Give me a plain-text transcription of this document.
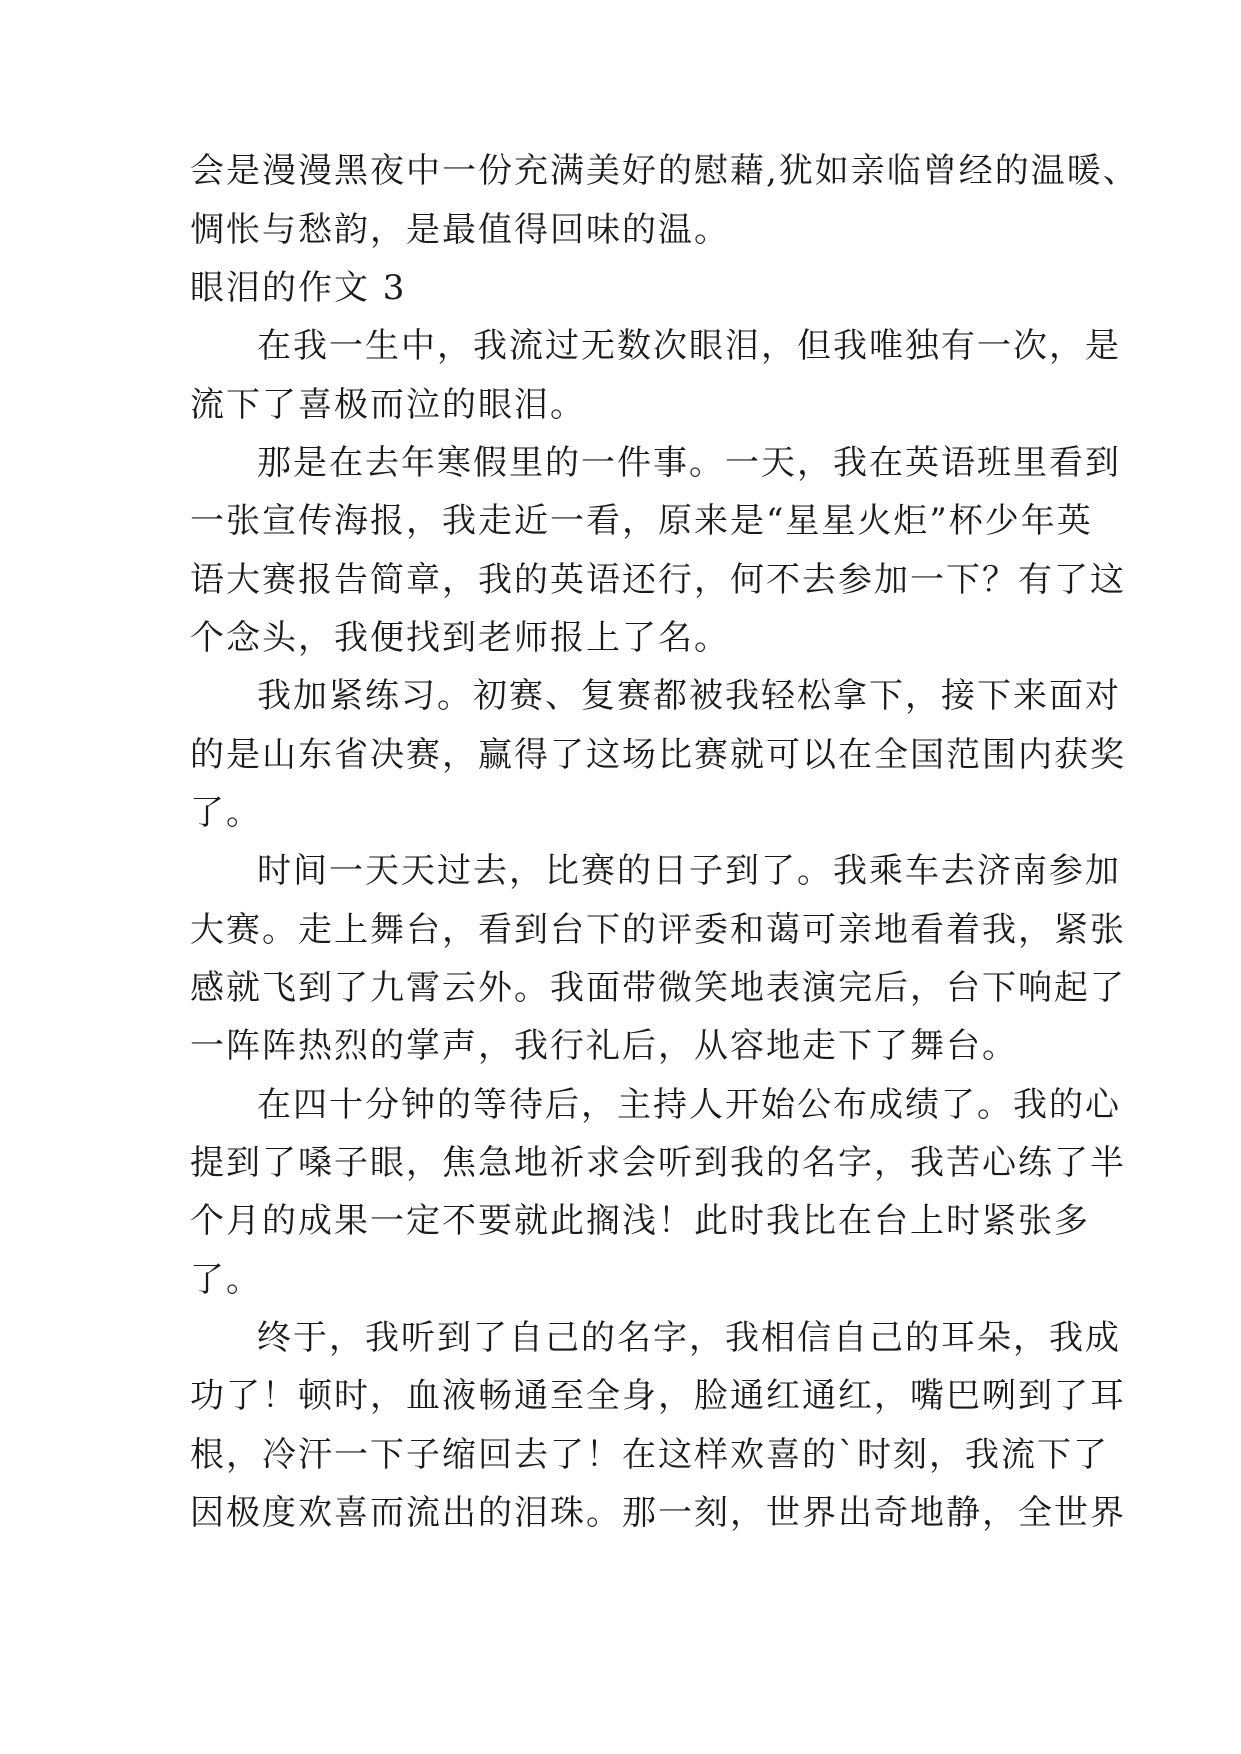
会是漫漫黑夜中一份充满美好的慰藉,犹如亲临曾经的温暖、
惆怅与愁韵，是最值得回味的温。
眼泪的作文 3
在我一生中，我流过无数次眼泪，但我唯独有一次，是
流下了喜极而泣的眼泪。
那是在去年寒假里的一件事。一天，我在英语班里看到
一张宣传海报，我走近一看，原来是“星星火炬”杯少年英
语大赛报告简章，我的英语还行，何不去参加一下？有了这
个念头，我便找到老师报上了名。
我加紧练习。初赛、复赛都被我轻松拿下，接下来面对
的是山东省决赛，赢得了这场比赛就可以在全国范围内获奖
了。
时间一天天过去，比赛的日子到了。我乘车去济南参加
大赛。走上舞台，看到台下的评委和蔼可亲地看着我，紧张
感就飞到了九霄云外。我面带微笑地表演完后，台下响起了
一阵阵热烈的掌声，我行礼后，从容地走下了舞台。
在四十分钟的等待后，主持人开始公布成绩了。我的心
提到了嗓子眼，焦急地祈求会听到我的名字，我苦心练了半
个月的成果一定不要就此搁浅！此时我比在台上时紧张多
了。
终于，我听到了自己的名字，我相信自己的耳朵，我成
功了！顿时，血液畅通至全身，脸通红通红，嘴巴咧到了耳
根，冷汗一下子缩回去了！在这样欢喜的`时刻，我流下了
因极度欢喜而流出的泪珠。那一刻，世界出奇地静，全世界
